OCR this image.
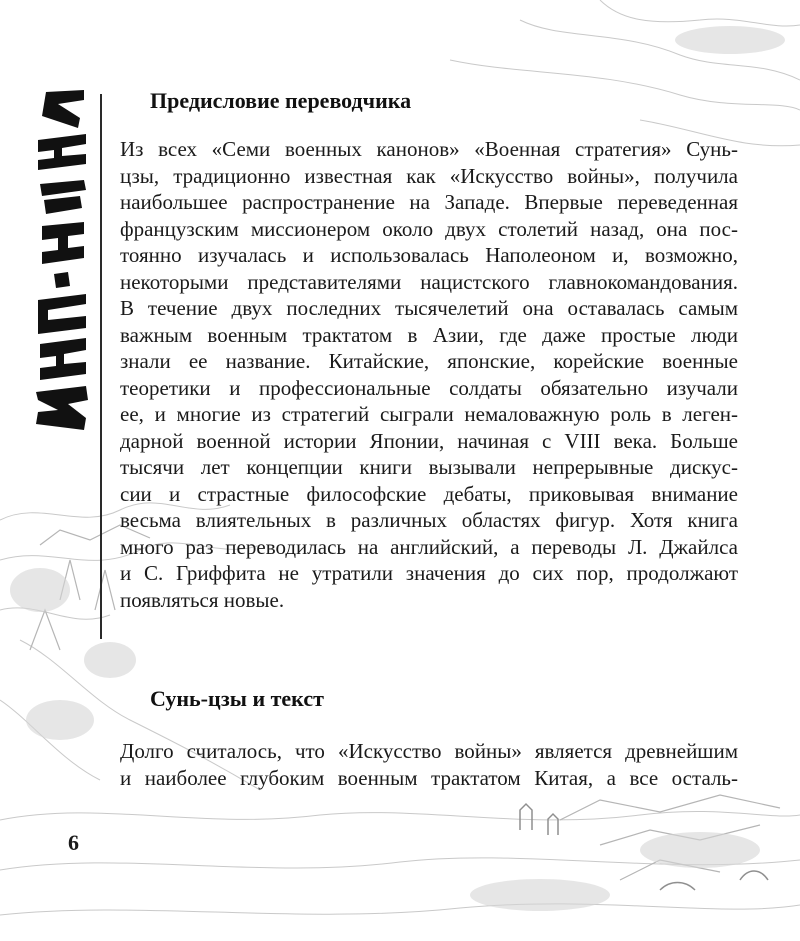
Предисловие переводчика
Из всех «Семи военных канонов» «Военная стратегия» Сунь-
цзы, традиционно известная как «Искусство войны», получила
наибольшее распространение на Западе. Впервые переведенная
французским миссионером около двух столетий назад, она пос-
тоянно изучалась и использовалась Наполеоном и, возможно,
некоторыми представителями нацистского главнокомандования.
В течение двух последних тысячелетий она оставалась самым
важным военным трактатом в Азии, где даже простые люди
знали ее название. Китайские, японские, корейские военные
теоретики и профессиональные солдаты обязательно изучали
ее, и многие из стратегий сыграли немаловажную роль в леген-
дарной военной истории Японии, начиная с VIII века. Больше
тысячи лет концепции книги вызывали непрерывные дискус-
сии и страстные философские дебаты, приковывая внимание
весьма влиятельных в различных областях фигур. Хотя книга
много раз переводилась на английский, а переводы Л. Джайлса
и С. Гриффита не утратили значения до сих пор, продолжают
появляться новые.
Сунь-цзы и текст
Долго считалось, что «Искусство войны» является древнейшим
и наиболее глубоким военным трактатом Китая, а все осталь-
6
